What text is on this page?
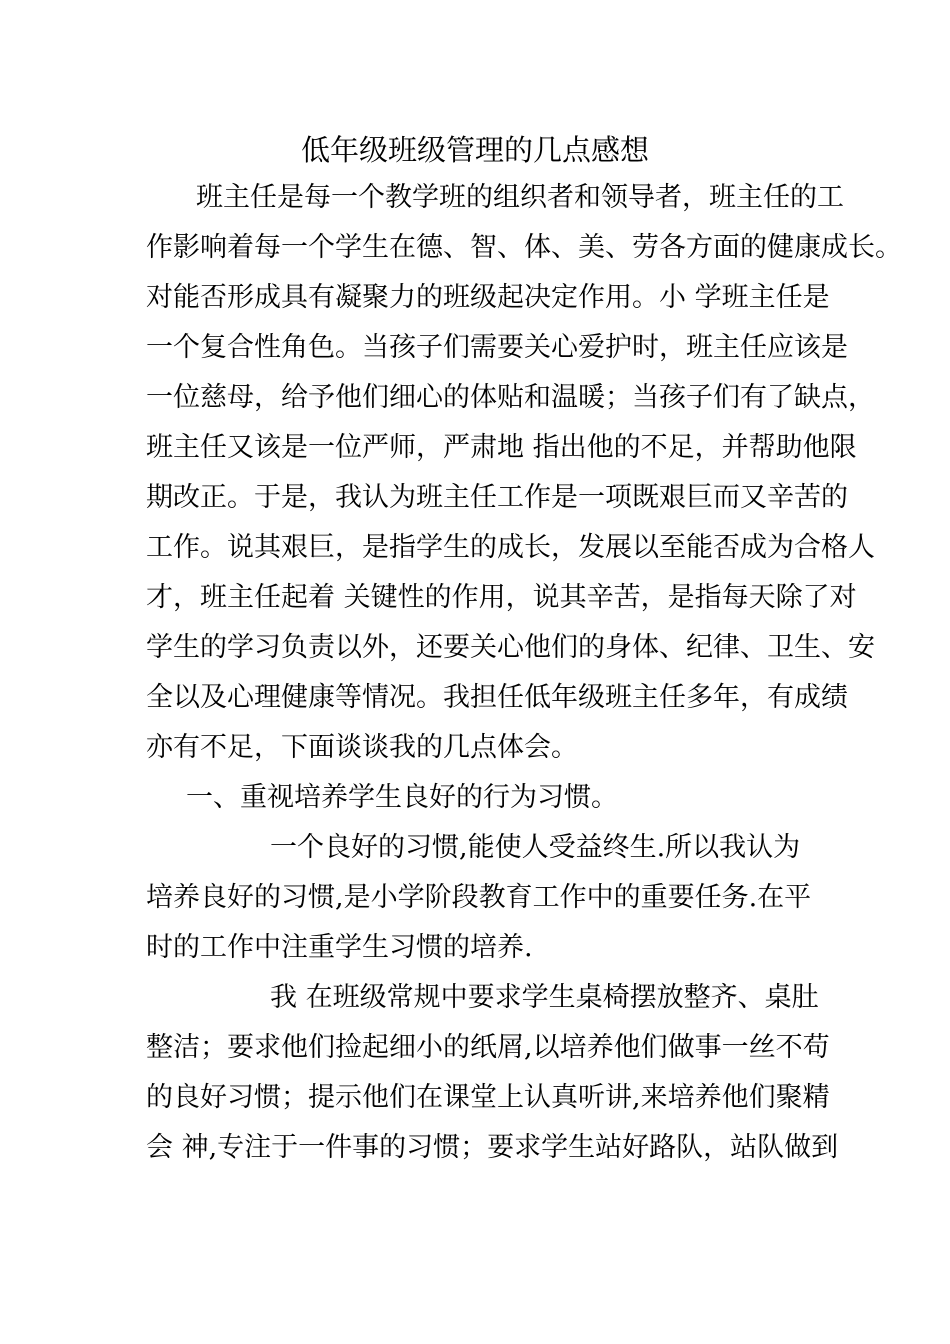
低年级班级管理的几点感想
班主任是每一个教学班的组织者和领导者，班主任的工
作影响着每一个学生在德、智、体、美、劳各方面的健康成长。
对能否形成具有凝聚力的班级起决定作用。小 学班主任是
一个复合性角色。当孩子们需要关心爱护时，班主任应该是
一位慈母，给予他们细心的体贴和温暖；当孩子们有了缺点，
班主任又该是一位严师，严肃地 指出他的不足，并帮助他限
期改正。于是，我认为班主任工作是一项既艰巨而又辛苦的
工作。说其艰巨，是指学生的成长，发展以至能否成为合格人
才，班主任起着 关键性的作用，说其辛苦，是指每天除了对
学生的学习负责以外，还要关心他们的身体、纪律、卫生、安
全以及心理健康等情况。我担任低年级班主任多年，有成绩
亦有不足，下面谈谈我的几点体会。
一、重视培养学生良好的行为习惯。
一个良好的习惯,能使人受益终生.所以我认为
培养良好的习惯,是小学阶段教育工作中的重要任务.在平
时的工作中注重学生习惯的培养.
我 在班级常规中要求学生桌椅摆放整齐、桌肚
整洁；要求他们捡起细小的纸屑,以培养他们做事一丝不苟
的良好习惯；提示他们在课堂上认真听讲,来培养他们聚精
会 神,专注于一件事的习惯；要求学生站好路队，站队做到
